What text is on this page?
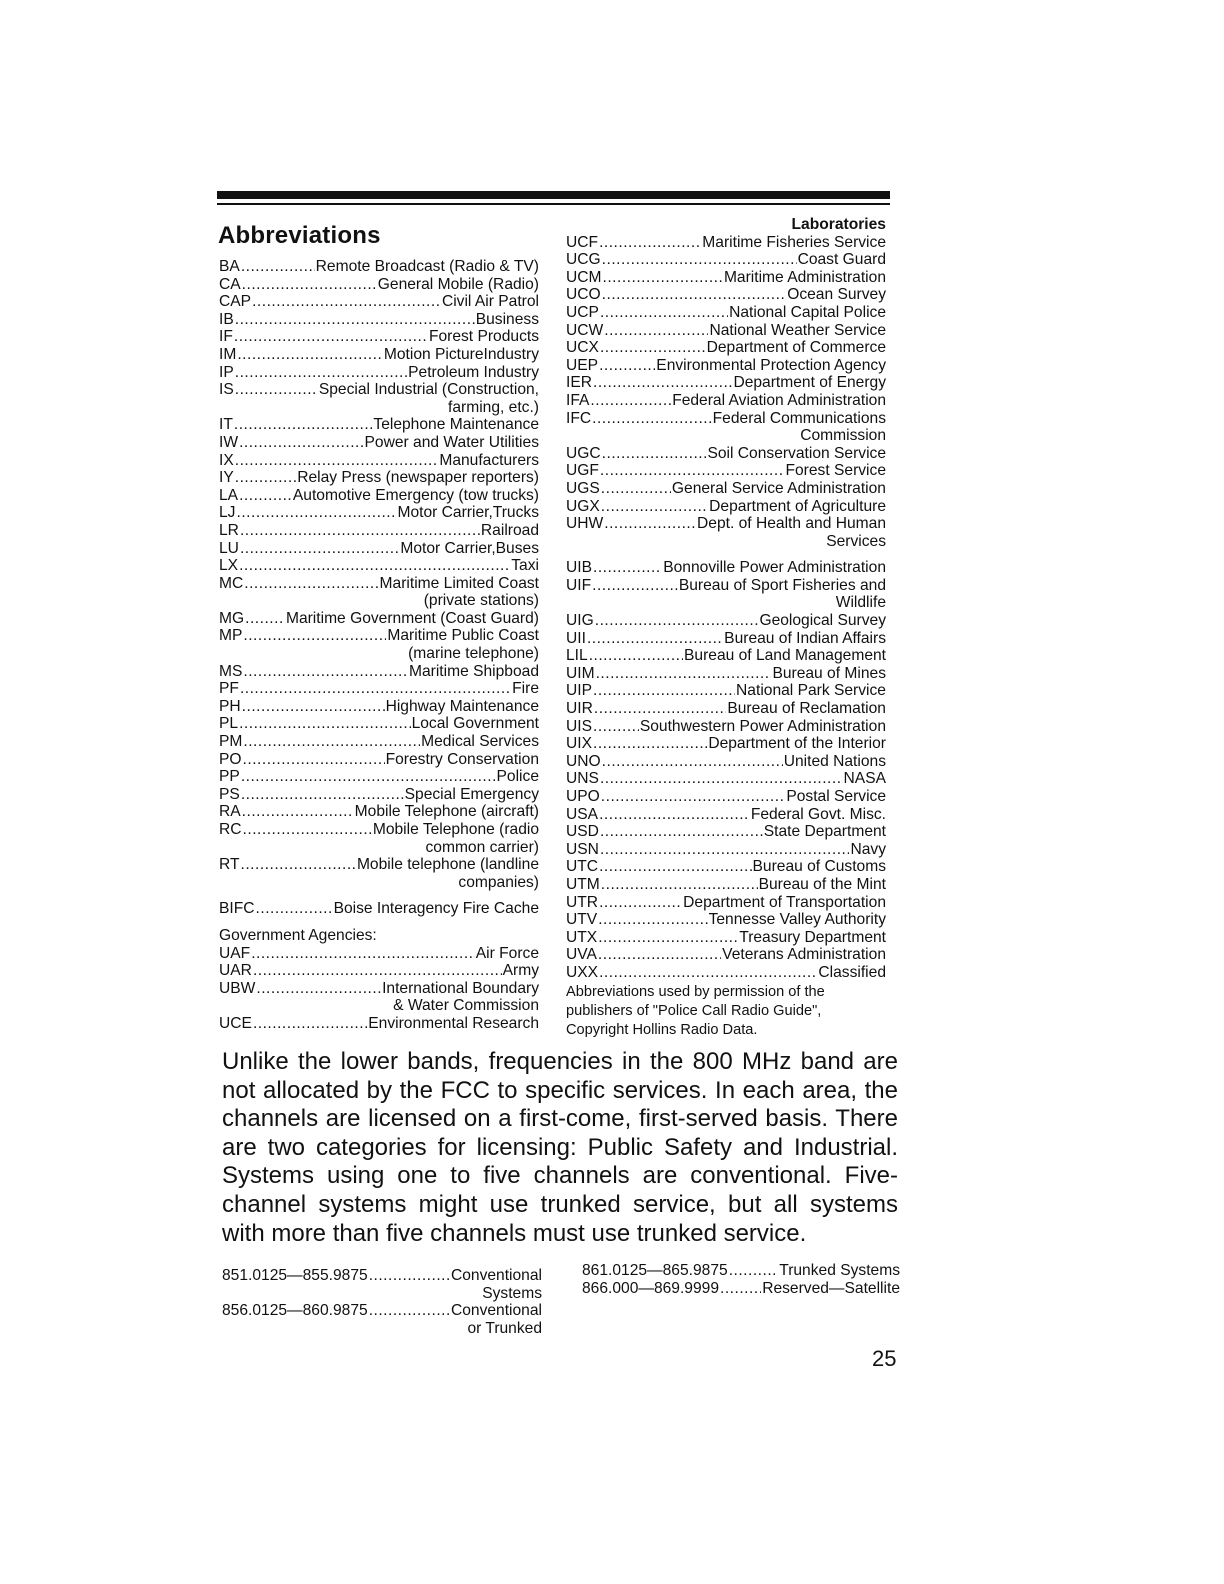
Abbreviations
BA .....	Remote Broadcast (Radio & TV)
CA .....	General Mobile (Radio)
CAP .....	Civil Air Patrol
IB .....	Business
IF .....	Forest Products
IM .....	Motion PictureIndustry
IP .....	Petroleum Industry
IS .....	Special Industrial (Construction,
farming, etc.)
IT .....	Telephone Maintenance
IW .....	Power and Water Utilities
IX .....	Manufacturers
IY .....	Relay Press (newspaper reporters)
LA .....	Automotive Emergency (tow trucks)
LJ .....	Motor Carrier,Trucks
LR .....	Railroad
LU .....	Motor Carrier,Buses
LX .....	Taxi
MC .....	Maritime Limited Coast
(private stations)
MG .....	Maritime Government (Coast Guard)
MP .....	Maritime Public Coast
(marine telephone)
MS .....	Maritime Shipboad
PF .....	Fire
PH .....	Highway Maintenance
PL .....	Local Government
PM .....	Medical Services
PO .....	Forestry Conservation
PP .....	Police
PS .....	Special Emergency
RA .....	Mobile Telephone (aircraft)
RC .....	Mobile Telephone (radio
common carrier)
RT .....	Mobile telephone (landline
companies)
BIFC .....	Boise Interagency Fire Cache
Government Agencies:
UAF .....	Air Force
UAR .....	Army
UBW .....	International Boundary
& Water Commission
UCE .....	Environmental Research
Laboratories
UCF .....	Maritime Fisheries Service
UCG .....	Coast Guard
UCM .....	Maritime Administration
UCO .....	Ocean Survey
UCP .....	National Capital Police
UCW .....	National Weather Service
UCX .....	Department of Commerce
UEP .....	Environmental Protection Agency
IER .....	Department of Energy
IFA .....	Federal Aviation Administration
IFC .....	Federal Communications
Commission
UGC .....	Soil Conservation Service
UGF .....	Forest Service
UGS .....	General Service Administration
UGX .....	Department of Agriculture
UHW .....	Dept. of Health and Human
Services
UIB .....	Bonnoville Power Administration
UIF .....	Bureau of Sport Fisheries and
Wildlife
UIG .....	Geological Survey
UII .....	Bureau of Indian Affairs
LIL .....	Bureau of Land Management
UIM .....	Bureau of Mines
UIP .....	National Park Service
UIR .....	Bureau of Reclamation
UIS .....	Southwestern Power Administration
UIX .....	Department of the Interior
UNO .....	United Nations
UNS .....	NASA
UPO .....	Postal Service
USA .....	Federal Govt. Misc.
USD .....	State Department
USN .....	Navy
UTC .....	Bureau of Customs
UTM .....	Bureau of the Mint
UTR .....	Department of Transportation
UTV .....	Tennesse Valley Authority
UTX .....	Treasury Department
UVA .....	Veterans Administration
UXX .....	Classified
Abbreviations used by permission of the
publishers of "Police Call Radio Guide",
Copyright Hollins Radio Data.
Unlike the lower bands, frequencies in the 800 MHz band are not allocated by the FCC to specific services. In each area, the channels are licensed on a first-come, first-served basis. There are two categories for licensing: Public Safety and Industrial. Systems using one to five channels are conventional. Five-channel systems might use trunked service, but all systems with more than five channels must use trunked service.
851.0125—855.9875 .....	Conventional
Systems
856.0125—860.9875 .....	Conventional
or Trunked
861.0125—865.9875 .....	Trunked Systems
866.000—869.9999 .....	Reserved—Satellite
25
